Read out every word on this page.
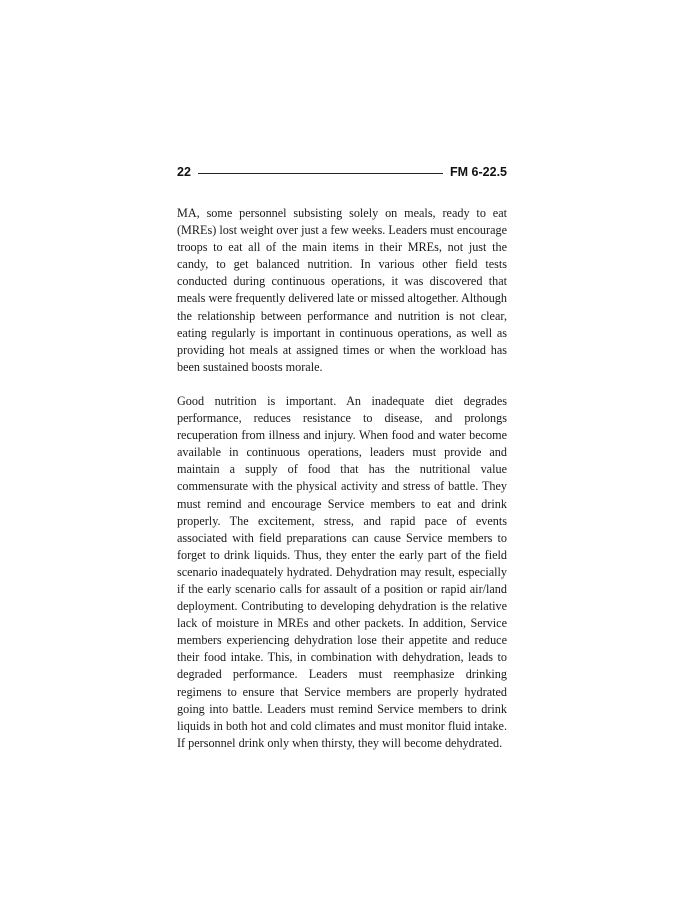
22	FM 6-22.5

MA, some personnel subsisting solely on meals, ready to eat (MREs) lost weight over just a few weeks. Leaders must encourage troops to eat all of the main items in their MREs, not just the candy, to get balanced nutrition. In various other field tests conducted during continuous operations, it was discovered that meals were frequently delivered late or missed altogether. Although the relationship between performance and nutrition is not clear, eating regularly is important in continuous operations, as well as providing hot meals at assigned times or when the workload has been sustained boosts morale.

Good nutrition is important. An inadequate diet degrades performance, reduces resistance to disease, and prolongs recuperation from illness and injury. When food and water become available in continuous operations, leaders must provide and maintain a supply of food that has the nutritional value commensurate with the physical activity and stress of battle. They must remind and encourage Service members to eat and drink properly. The excitement, stress, and rapid pace of events associated with field preparations can cause Service members to forget to drink liquids. Thus, they enter the early part of the field scenario inadequately hydrated. Dehydration may result, especially if the early scenario calls for assault of a position or rapid air/land deployment. Contributing to developing dehydration is the relative lack of moisture in MREs and other packets. In addition, Service members experiencing dehydration lose their appetite and reduce their food intake. This, in combination with dehydration, leads to degraded performance. Leaders must reemphasize drinking regimens to ensure that Service members are properly hydrated going into battle. Leaders must remind Service members to drink liquids in both hot and cold climates and must monitor fluid intake. If personnel drink only when thirsty, they will become dehydrated.
